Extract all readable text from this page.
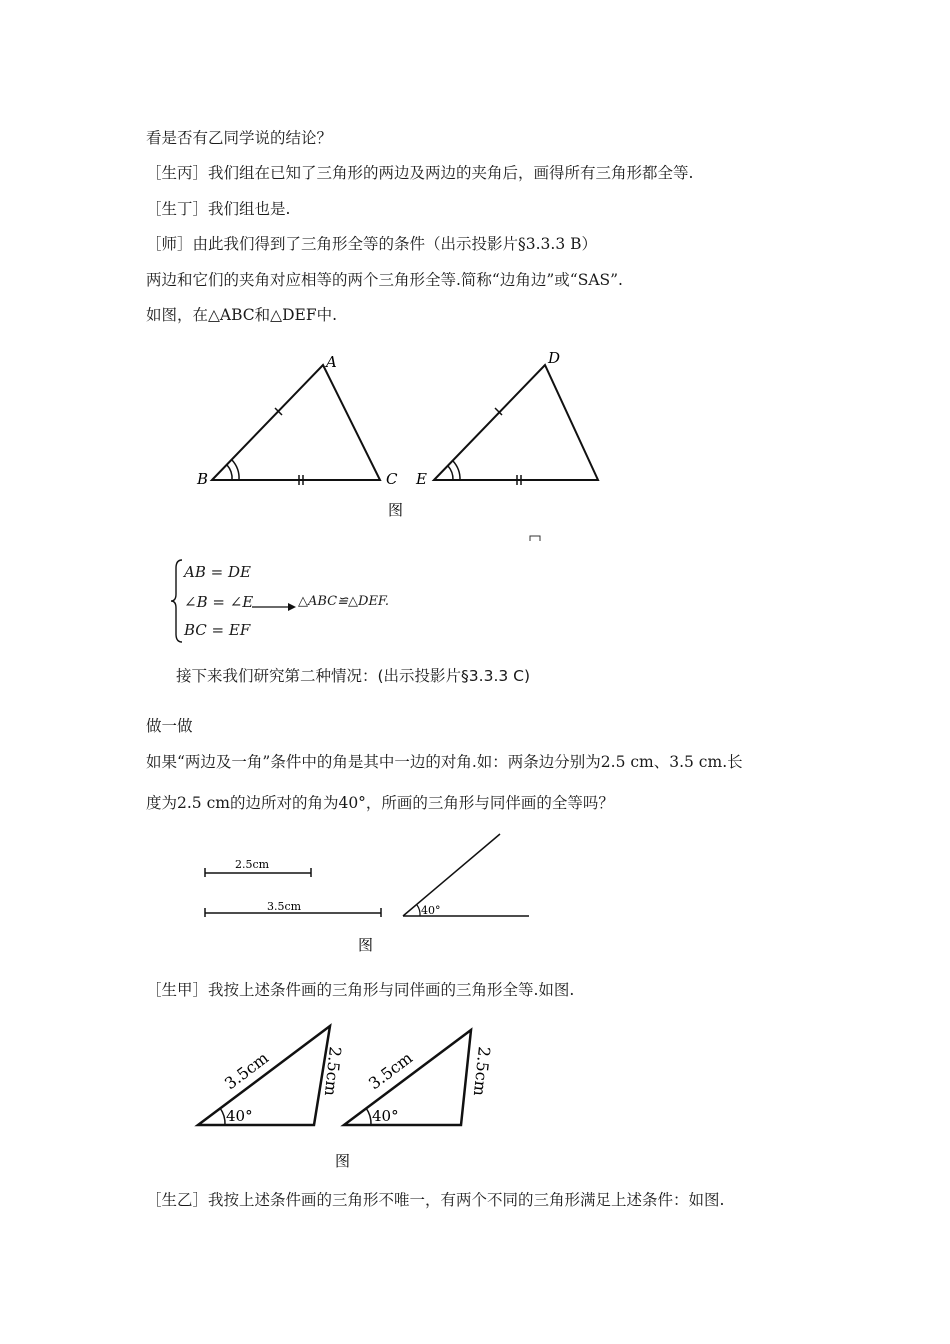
看是否有乙同学说的结论？
［生丙］我们组在已知了三角形的两边及两边的夹角后，画得所有三角形都全等.
［生丁］我们组也是.
［师］由此我们得到了三角形全等的条件（出示投影片§3.3.3 B）
两边和它们的夹角对应相等的两个三角形全等.简称“边角边”或“SAS”.
如图，在△ABC和△DEF中.
A
B	C
D
E
图
AB = DE
∠B = ∠E	△ABC≌△DEF.
BC = EF
接下来我们研究第二种情况：(出示投影片§3.3.3 C)
做一做
如果“两边及一角”条件中的角是其中一边的对角.如：两条边分别为2.5 cm、3.5 cm.长
度为2.5 cm的边所对的角为40°，所画的三角形与同伴画的全等吗？
2.5cm
3.5cm	40°
图
［生甲］我按上述条件画的三角形与同伴画的三角形全等.如图.
40°
3.5cm	2.5cm
40°
3.5cm	2.5cm
图
［生乙］我按上述条件画的三角形不唯一，有两个不同的三角形满足上述条件：如图.
